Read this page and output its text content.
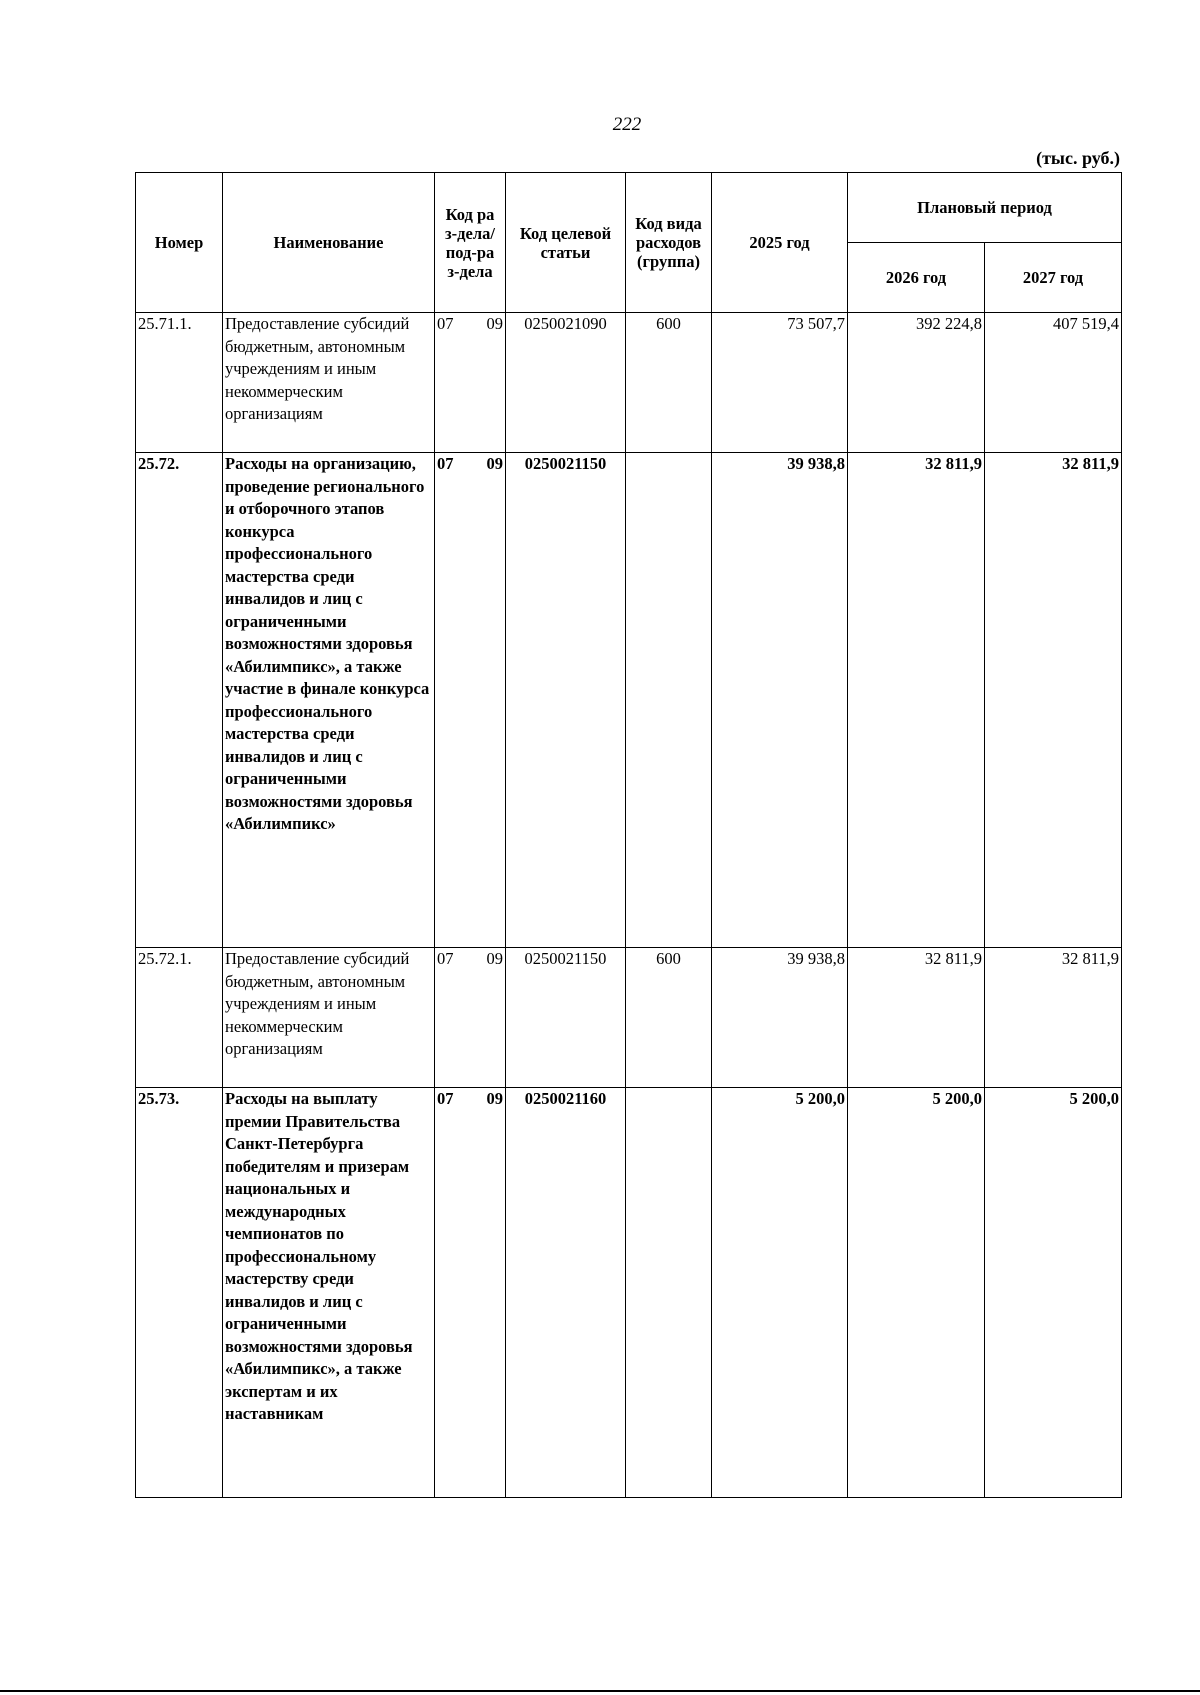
222
(тыс. руб.)
Номер	Наименование	Код раз-дела/ под-раз-дела	Код целевой статьи	Код вида расходов (группа)	2025 год	Плановый период	
						2026 год	2027 год
25.71.1.	Предоставление субсидий бюджетным, автономным учреждениям и иным некоммерческим организациям	07 09	0250021090	600	73 507,7	392 224,8	407 519,4
25.72.	Расходы на организацию, проведение регионального и отборочного этапов конкурса профессионального мастерства среди инвалидов и лиц с ограниченными возможностями здоровья «Абилимпикс», а также участие в финале конкурса профессионального мастерства среди инвалидов и лиц с ограниченными возможностями здоровья «Абилимпикс»	07 09	0250021150		39 938,8	32 811,9	32 811,9
25.72.1.	Предоставление субсидий бюджетным, автономным учреждениям и иным некоммерческим организациям	07 09	0250021150	600	39 938,8	32 811,9	32 811,9
25.73.	Расходы на выплату премии Правительства Санкт-Петербурга победителям и призерам национальных и международных чемпионатов по профессиональному мастерству среди инвалидов и лиц с ограниченными возможностями здоровья «Абилимпикс», а также экспертам и их наставникам	07 09	0250021160		5 200,0	5 200,0	5 200,0
